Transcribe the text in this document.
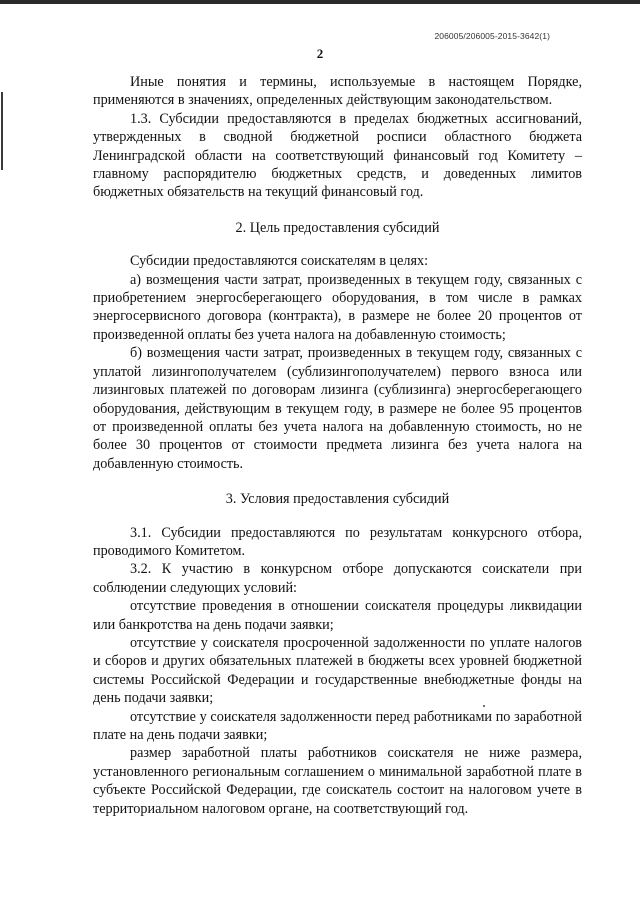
206005/206005-2015-3642(1)
2

Иные понятия и термины, используемые в настоящем Порядке, применяются в значениях, определенных действующим законодательством.

1.3. Субсидии предоставляются в пределах бюджетных ассигнований, утвержденных в сводной бюджетной росписи областного бюджета Ленинградской области на соответствующий финансовый год Комитету – главному распорядителю бюджетных средств, и доведенных лимитов бюджетных обязательств на текущий финансовый год.

2. Цель предоставления субсидий

Субсидии предоставляются соискателям в целях:

а) возмещения части затрат, произведенных в текущем году, связанных с приобретением энергосберегающего оборудования, в том числе в рамках энергосервисного договора (контракта), в размере не более 20 процентов от произведенной оплаты без учета налога на добавленную стоимость;

б) возмещения части затрат, произведенных в текущем году, связанных с уплатой лизингополучателем (сублизингополучателем) первого взноса или лизинговых платежей по договорам лизинга (сублизинга) энергосберегающего оборудования, действующим в текущем году, в размере не более 95 процентов от произведенной оплаты без учета налога на добавленную стоимость, но не более 30 процентов от стоимости предмета лизинга без учета налога на добавленную стоимость.

3. Условия предоставления субсидий

3.1. Субсидии предоставляются по результатам конкурсного отбора, проводимого Комитетом.

3.2. К участию в конкурсном отборе допускаются соискатели при соблюдении следующих условий:

отсутствие проведения в отношении соискателя процедуры ликвидации или банкротства на день подачи заявки;

отсутствие у соискателя просроченной задолженности по уплате налогов и сборов и других обязательных платежей в бюджеты всех уровней бюджетной системы Российской Федерации и государственные внебюджетные фонды на день подачи заявки;

отсутствие у соискателя задолженности перед работниками по заработной плате на день подачи заявки;

размер заработной платы работников соискателя не ниже размера, установленного региональным соглашением о минимальной заработной плате в субъекте Российской Федерации, где соискатель состоит на налоговом учете в территориальном налоговом органе, на соответствующий год.
